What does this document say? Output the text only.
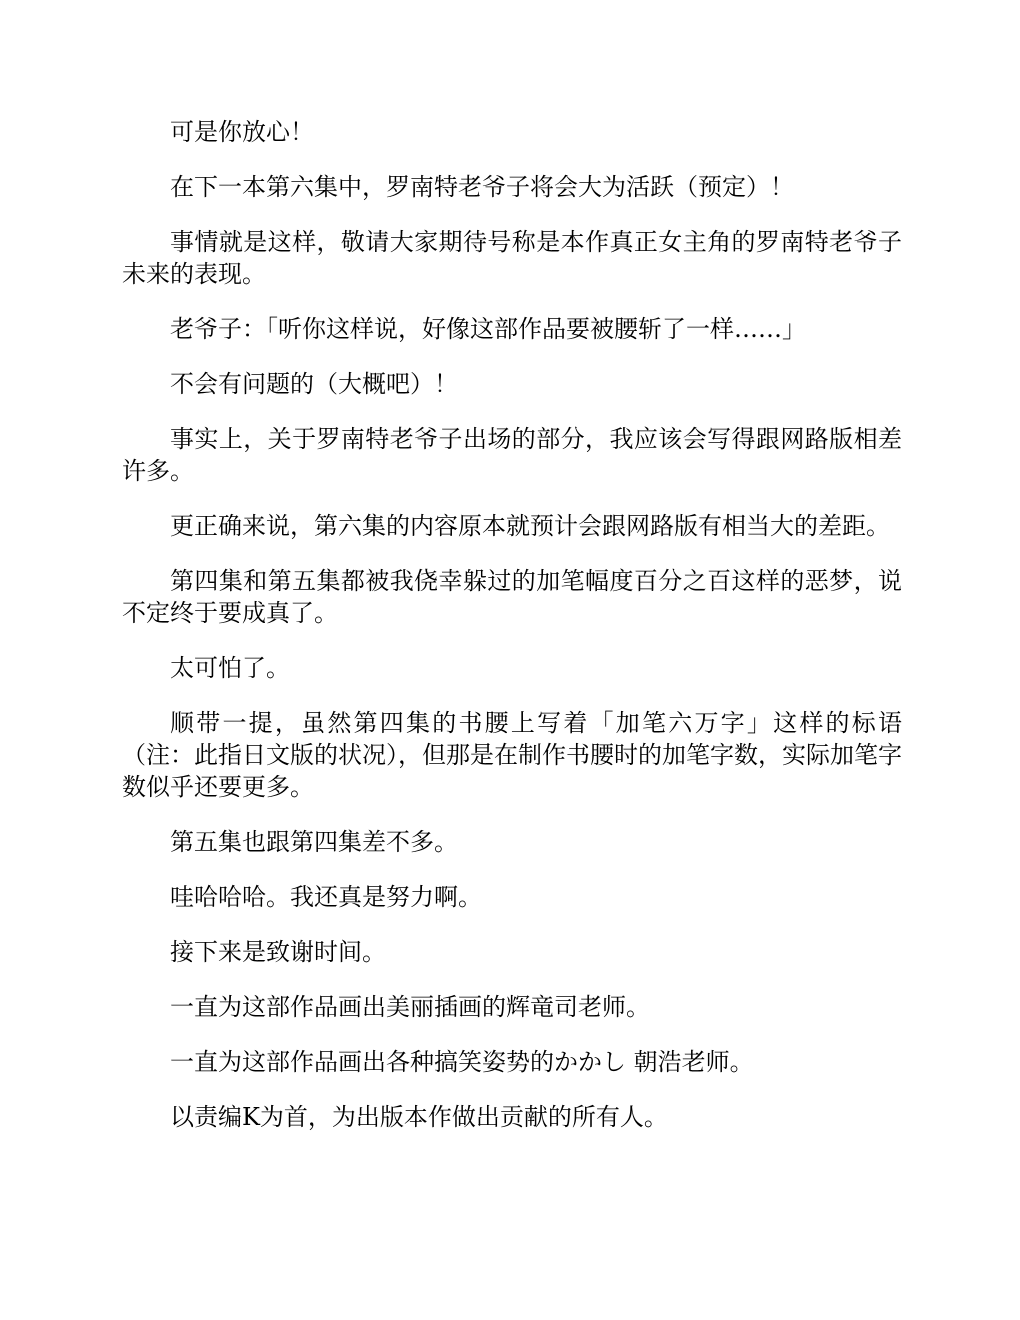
可是你放心！

在下一本第六集中，罗南特老爷子将会大为活跃（预定）！

事情就是这样，敬请大家期待号称是本作真正女主角的罗南特老爷子未来的表现。

老爷子：「听你这样说，好像这部作品要被腰斩了一样……」

不会有问题的（大概吧）！

事实上，关于罗南特老爷子出场的部分，我应该会写得跟网路版相差许多。

更正确来说，第六集的内容原本就预计会跟网路版有相当大的差距。

第四集和第五集都被我侥幸躲过的加笔幅度百分之百这样的恶梦，说不定终于要成真了。

太可怕了。

顺带一提，虽然第四集的书腰上写着「加笔六万字」这样的标语（注：此指日文版的状况），但那是在制作书腰时的加笔字数，实际加笔字数似乎还要更多。

第五集也跟第四集差不多。

哇哈哈哈。我还真是努力啊。

接下来是致谢时间。

一直为这部作品画出美丽插画的辉竜司老师。

一直为这部作品画出各种搞笑姿势的かかし 朝浩老师。

以责编K为首，为出版本作做出贡献的所有人。
